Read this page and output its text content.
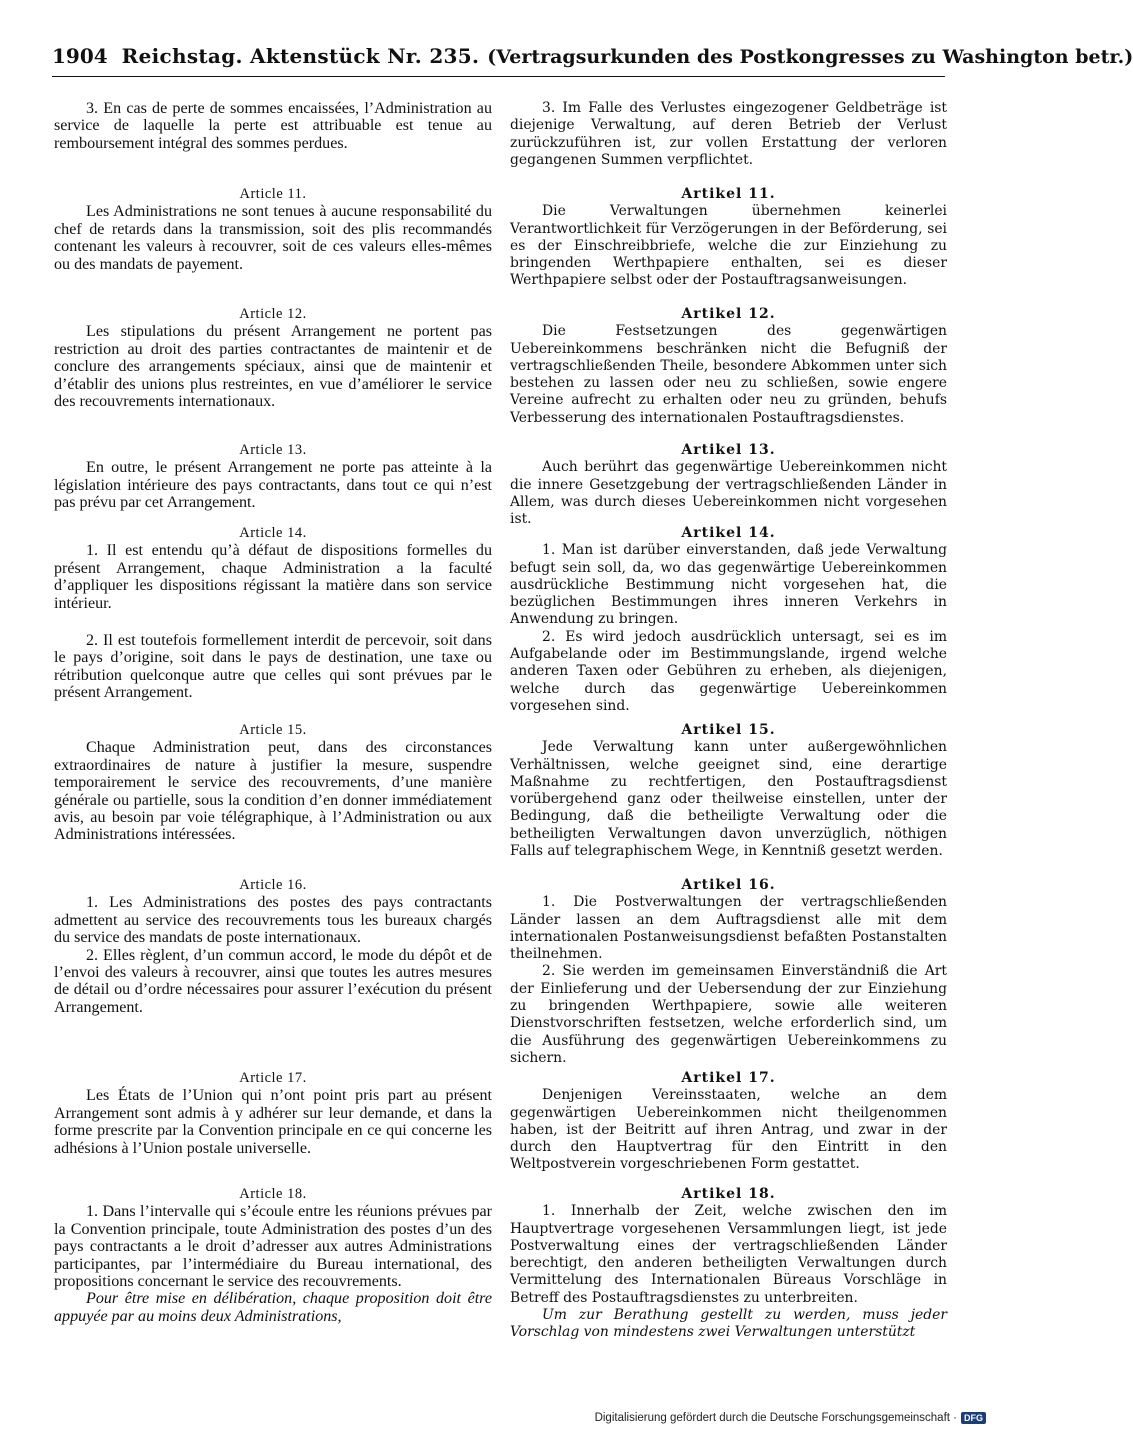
1904 Reichstag. Aktenstück Nr. 235. (Vertragsurkunden des Postkongresses zu Washington betr.)

3. En cas de perte de sommes encaissées, l’Administration au service de laquelle la perte est attribuable est tenue au remboursement intégral des sommes perdues.

Article 11.

Les Administrations ne sont tenues à aucune responsabilité du chef de retards dans la transmission, soit des plis recommandés contenant les valeurs à recouvrer, soit de ces valeurs elles-mêmes ou des mandats de payement.

Article 12.

Les stipulations du présent Arrangement ne portent pas restriction au droit des parties contractantes de maintenir et de conclure des arrangements spéciaux, ainsi que de maintenir et d’établir des unions plus restreintes, en vue d’améliorer le service des recouvrements internationaux.

Article 13.

En outre, le présent Arrangement ne porte pas atteinte à la législation intérieure des pays contractants, dans tout ce qui n’est pas prévu par cet Arrangement.

Article 14.

1. Il est entendu qu’à défaut de dispositions formelles du présent Arrangement, chaque Administration a la faculté d’appliquer les dispositions régissant la matière dans son service intérieur.

2. Il est toutefois formellement interdit de percevoir, soit dans le pays d’origine, soit dans le pays de destination, une taxe ou rétribution quelconque autre que celles qui sont prévues par le présent Arrangement.

Article 15.

Chaque Administration peut, dans des circonstances extraordinaires de nature à justifier la mesure, suspendre temporairement le service des recouvrements, d’une manière générale ou partielle, sous la condition d’en donner immédiatement avis, au besoin par voie télégraphique, à l’Administration ou aux Administrations intéressées.

Article 16.

1. Les Administrations des postes des pays contractants admettent au service des recouvrements tous les bureaux chargés du service des mandats de poste internationaux.

2. Elles règlent, d’un commun accord, le mode du dépôt et de l’envoi des valeurs à recouvrer, ainsi que toutes les autres mesures de détail ou d’ordre nécessaires pour assurer l’exécution du présent Arrangement.

Article 17.

Les États de l’Union qui n’ont point pris part au présent Arrangement sont admis à y adhérer sur leur demande, et dans la forme prescrite par la Convention principale en ce qui concerne les adhésions à l’Union postale universelle.

Article 18.

1. Dans l’intervalle qui s’écoule entre les réunions prévues par la Convention principale, toute Administration des postes d’un des pays contractants a le droit d’adresser aux autres Administrations participantes, par l’intermédiaire du Bureau international, des propositions concernant le service des recouvrements.

Pour être mise en délibération, chaque proposition doit être appuyée par au moins deux Administrations,

3. Im Falle des Verlustes eingezogener Geldbeträge ist diejenige Verwaltung, auf deren Betrieb der Verlust zurückzuführen ist, zur vollen Erstattung der verloren gegangenen Summen verpflichtet.

Artikel 11.

Die Verwaltungen übernehmen keinerlei Verantwortlichkeit für Verzögerungen in der Beförderung, sei es der Einschreibbriefe, welche die zur Einziehung zu bringenden Werthpapiere enthalten, sei es dieser Werthpapiere selbst oder der Postauftragsanweisungen.

Artikel 12.

Die Festsetzungen des gegenwärtigen Uebereinkommens beschränken nicht die Befugniß der vertragschließenden Theile, besondere Abkommen unter sich bestehen zu lassen oder neu zu schließen, sowie engere Vereine aufrecht zu erhalten oder neu zu gründen, behufs Verbesserung des internationalen Postauftragsdienstes.

Artikel 13.

Auch berührt das gegenwärtige Uebereinkommen nicht die innere Gesetzgebung der vertragschließenden Länder in Allem, was durch dieses Uebereinkommen nicht vorgesehen ist.

Artikel 14.

1. Man ist darüber einverstanden, daß jede Verwaltung befugt sein soll, da, wo das gegenwärtige Uebereinkommen ausdrückliche Bestimmung nicht vorgesehen hat, die bezüglichen Bestimmungen ihres inneren Verkehrs in Anwendung zu bringen.

2. Es wird jedoch ausdrücklich untersagt, sei es im Aufgabelande oder im Bestimmungslande, irgend welche anderen Taxen oder Gebühren zu erheben, als diejenigen, welche durch das gegenwärtige Uebereinkommen vorgesehen sind.

Artikel 15.

Jede Verwaltung kann unter außergewöhnlichen Verhältnissen, welche geeignet sind, eine derartige Maßnahme zu rechtfertigen, den Postauftragsdienst vorübergehend ganz oder theilweise einstellen, unter der Bedingung, daß die betheiligte Verwaltung oder die betheiligten Verwaltungen davon unverzüglich, nöthigen Falls auf telegraphischem Wege, in Kenntniß gesetzt werden.

Artikel 16.

1. Die Postverwaltungen der vertragschließenden Länder lassen an dem Auftragsdienst alle mit dem internationalen Postanweisungsdienst befaßten Postanstalten theilnehmen.

2. Sie werden im gemeinsamen Einverständniß die Art der Einlieferung und der Uebersendung der zur Einziehung zu bringenden Werthpapiere, sowie alle weiteren Dienstvorschriften festsetzen, welche erforderlich sind, um die Ausführung des gegenwärtigen Uebereinkommens zu sichern.

Artikel 17.

Denjenigen Vereinsstaaten, welche an dem gegenwärtigen Uebereinkommen nicht theilgenommen haben, ist der Beitritt auf ihren Antrag, und zwar in der durch den Hauptvertrag für den Eintritt in den Weltpostverein vorgeschriebenen Form gestattet.

Artikel 18.

1. Innerhalb der Zeit, welche zwischen den im Hauptvertrage vorgesehenen Versammlungen liegt, ist jede Postverwaltung eines der vertragschließenden Länder berechtigt, den anderen betheiligten Verwaltungen durch Vermittelung des Internationalen Büreaus Vorschläge in Betreff des Postauftragsdienstes zu unterbreiten.

Um zur Berathung gestellt zu werden, muss jeder Vorschlag von mindestens zwei Verwaltungen unterstützt

Digitalisierung gefördert durch die Deutsche Forschungsgemeinschaft · DFG
